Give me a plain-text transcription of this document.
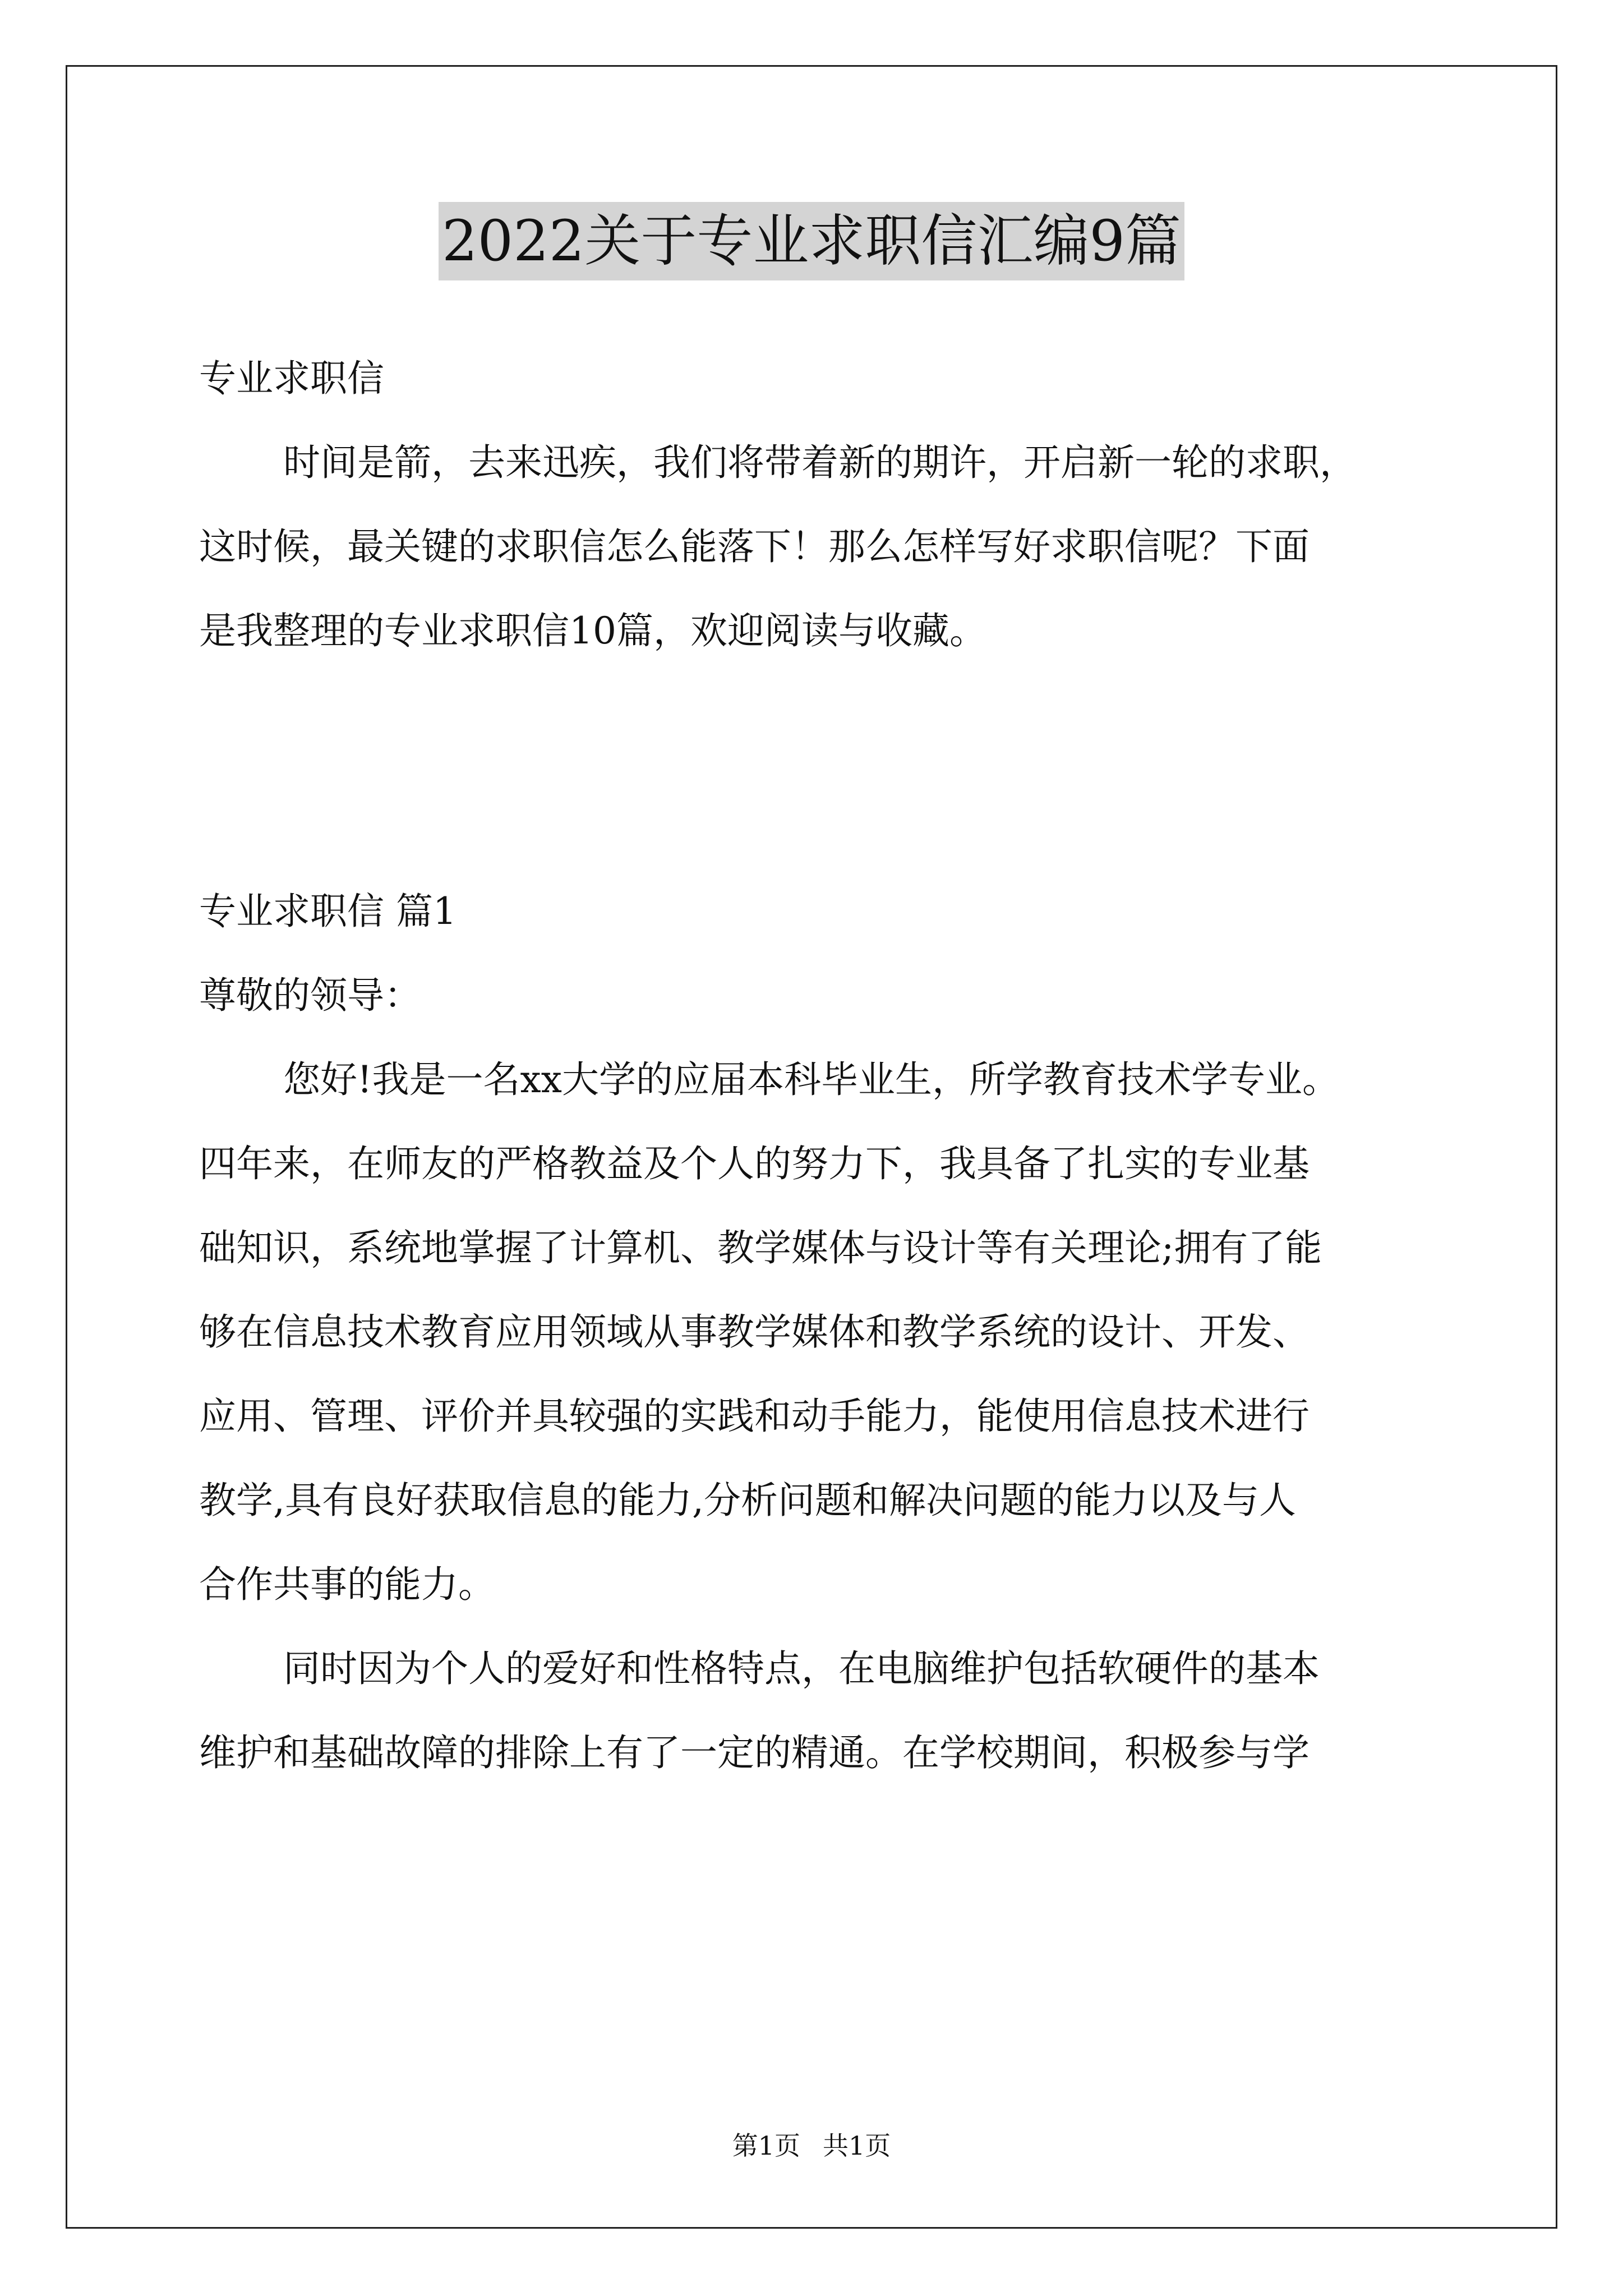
2022关于专业求职信汇编9篇
专业求职信
时间是箭，去来迅疾，我们将带着新的期许，开启新一轮的求职，
这时候，最关键的求职信怎么能落下！那么怎样写好求职信呢？下面
是我整理的专业求职信10篇，欢迎阅读与收藏。
专业求职信 篇1
尊敬的领导：
您好!我是一名xx大学的应届本科毕业生，所学教育技术学专业。
四年来，在师友的严格教益及个人的努力下，我具备了扎实的专业基
础知识，系统地掌握了计算机、教学媒体与设计等有关理论;拥有了能
够在信息技术教育应用领域从事教学媒体和教学系统的设计、开发、
应用、管理、评价并具较强的实践和动手能力，能使用信息技术进行
教学,具有良好获取信息的能力,分析问题和解决问题的能力以及与人
合作共事的能力。
同时因为个人的爱好和性格特点，在电脑维护包括软硬件的基本
维护和基础故障的排除上有了一定的精通。在学校期间，积极参与学
第1页 共1页
